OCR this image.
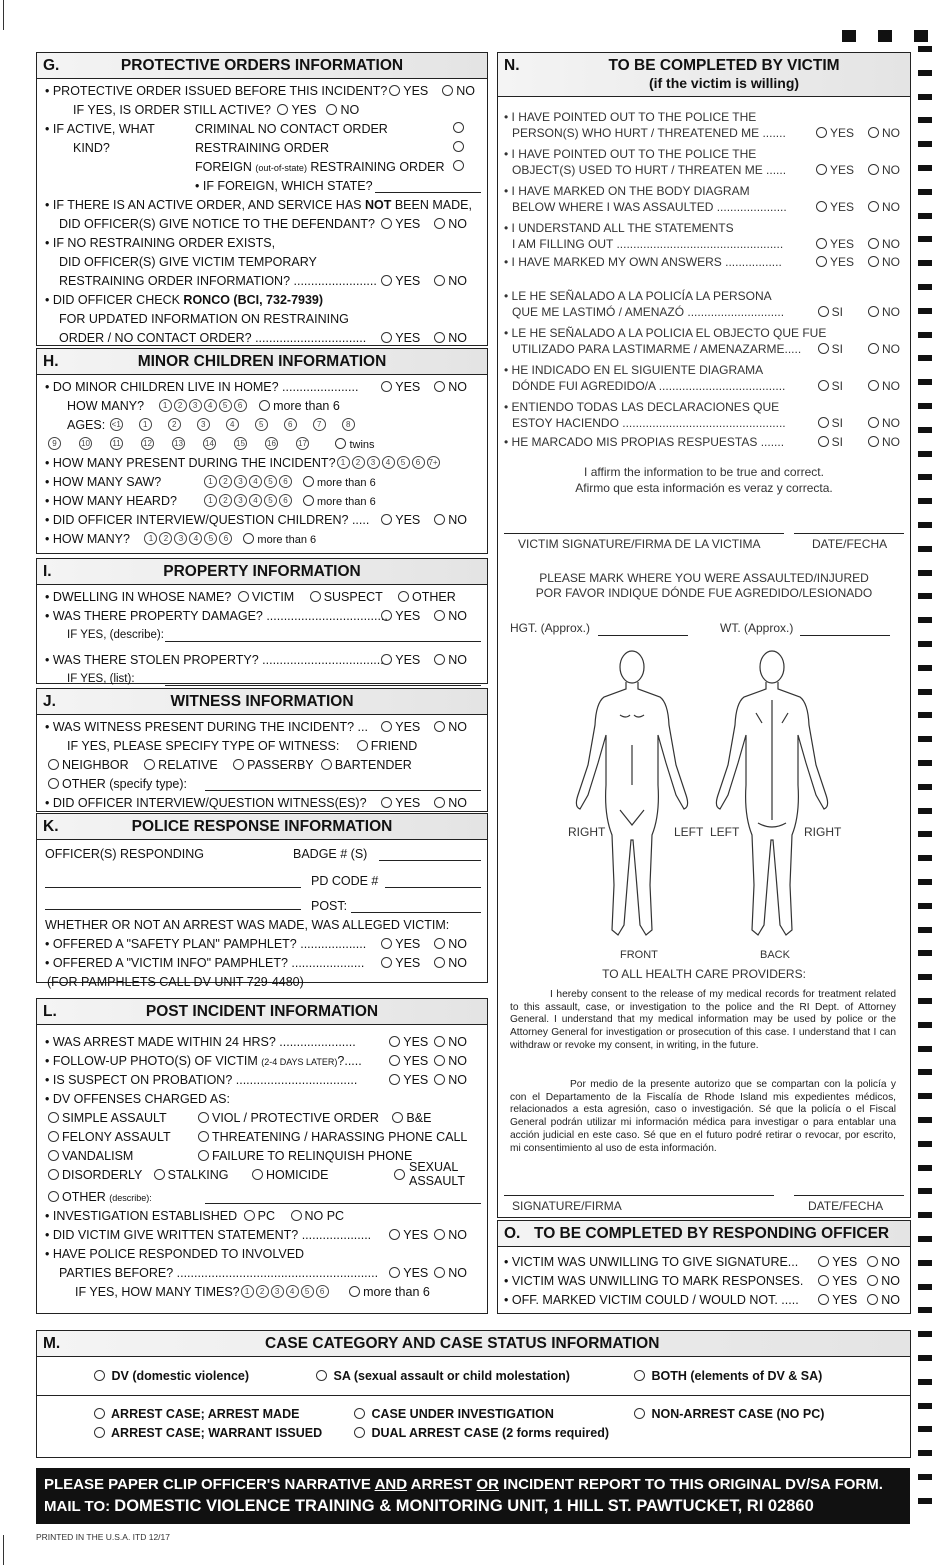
G.	PROTECTIVE ORDERS INFORMATION
• PROTECTIVE ORDER ISSUED BEFORE THIS INCIDENT?	YES NO
IF YES, IS ORDER STILL ACTIVE? YES NO
• IF ACTIVE, WHAT	CRIMINAL NO CONTACT ORDER
KIND?	RESTRAINING ORDER
FOREIGN (out-of-state) RESTRAINING ORDER
• IF FOREIGN, WHICH STATE?
• IF THERE IS AN ACTIVE ORDER, AND SERVICE HAS NOT BEEN MADE,
DID OFFICER(S) GIVE NOTICE TO THE DEFENDANT?	YES NO
• IF NO RESTRAINING ORDER EXISTS,
DID OFFICER(S) GIVE VICTIM TEMPORARY
RESTRAINING ORDER INFORMATION? ........................	YES NO
• DID OFFICER CHECK RONCO (BCI, 732-7939)
FOR UPDATED INFORMATION ON RESTRAINING
ORDER / NO CONTACT ORDER? ................................	YES NO
H.	MINOR CHILDREN INFORMATION
• DO MINOR CHILDREN LIVE IN HOME? ......................	YES NO
HOW MANY? 1 2 3 4 5 6 more than 6
AGES: <1	1	2	3	4	5	6	7	8
9	10	11	12	13	14	15	16	17	twins
• HOW MANY PRESENT DURING THE INCIDENT? 1 2 3 4 5 6 7+
• HOW MANY SAW?	1 2 3 4 5 6	more than 6
• HOW MANY HEARD?	1 2 3 4 5 6	more than 6
• DID OFFICER INTERVIEW/QUESTION CHILDREN? .....	YES NO
• HOW MANY? 1 2 3 4 5 6	more than 6
I.	PROPERTY INFORMATION
• DWELLING IN WHOSE NAME? VICTIM SUSPECT OTHER
• WAS THERE PROPERTY DAMAGE? ................................... YES NO
IF YES, (describe):
• WAS THERE STOLEN PROPERTY? ................................... YES NO
IF YES, (list):
J.	WITNESS INFORMATION
• WAS WITNESS PRESENT DURING THE INCIDENT? ...	YES NO
IF YES, PLEASE SPECIFY TYPE OF WITNESS:	FRIEND
NEIGHBOR RELATIVE PASSERBY BARTENDER
OTHER (specify type):
• DID OFFICER INTERVIEW/QUESTION WITNESS(ES)?	YES NO
K.	POLICE RESPONSE INFORMATION
OFFICER(S) RESPONDING	BADGE # (S)
PD CODE #
POST:
WHETHER OR NOT AN ARREST WAS MADE, WAS ALLEGED VICTIM:
• OFFERED A "SAFETY PLAN" PAMPHLET? ...................	YES NO
• OFFERED A "VICTIM INFO" PAMPHLET? .....................	YES NO
(FOR PAMPHLETS CALL DV UNIT 729-4480)
L.	POST INCIDENT INFORMATION
• WAS ARREST MADE WITHIN 24 HRS? ......................	YES NO
• FOLLOW-UP PHOTO(S) OF VICTIM (2-4 DAYS LATER)?.....	YES NO
• IS SUSPECT ON PROBATION? ...................................	YES NO
• DV OFFENSES CHARGED AS:
SIMPLE ASSAULT	VIOL / PROTECTIVE ORDER B&E
FELONY ASSAULT	THREATENING / HARASSING PHONE CALL
VANDALISM	FAILURE TO RELINQUISH PHONE
DISORDERLY STALKING	HOMICIDE
SEXUAL
ASSAULT
OTHER (describe):
• INVESTIGATION ESTABLISHED PC NO PC
• DID VICTIM GIVE WRITTEN STATEMENT? ....................	YES NO
• HAVE POLICE RESPONDED TO INVOLVED
PARTIES BEFORE? ..........................................................	YES NO
IF YES, HOW MANY TIMES? 1 2 3 4 5 6	more than 6
N.	TO BE COMPLETED BY VICTIM
(if the victim is willing)
• I HAVE POINTED OUT TO THE POLICE THE
PERSON(S) WHO HURT / THREATENED ME .......	YES NO
• I HAVE POINTED OUT TO THE POLICE THE
OBJECT(S) USED TO HURT / THREATEN ME ......	YES NO
• I HAVE MARKED ON THE BODY DIAGRAM
BELOW WHERE I WAS ASSAULTED .....................	YES NO
• I UNDERSTAND ALL THE STATEMENTS
I AM FILLING OUT ..................................................	YES NO
• I HAVE MARKED MY OWN ANSWERS .................	YES NO
• LE HE SEÑALADO A LA POLICÍA LA PERSONA
QUE ME LASTIMÓ / AMENAZÓ .............................	SI	NO
• LE HE SEÑALADO A LA POLICIA EL OBJECTO QUE FUE
UTILIZADO PARA LASTIMARME / AMENAZARME.....	SI	NO
• HE INDICADO EN EL SIGUIENTE DIAGRAMA
DÓNDE FUI AGREDIDO/A ......................................	SI	NO
• ENTIENDO TODAS LAS DECLARACIONES QUE
ESTOY HACIENDO .................................................	SI	NO
• HE MARCADO MIS PROPIAS RESPUESTAS .......	SI	NO
I affirm the information to be true and correct.
Afirmo que esta información es veraz y correcta.
VICTIM SIGNATURE/FIRMA DE LA VICTIMA	DATE/FECHA
PLEASE MARK WHERE YOU WERE ASSAULTED/INJURED
POR FAVOR INDIQUE DÓNDE FUE AGREDIDO/LESIONADO
HGT. (Approx.)	WT. (Approx.)
RIGHT	LEFT LEFT	RIGHT
FRONT	BACK
TO ALL HEALTH CARE PROVIDERS:
I hereby consent to the release of my medical records for treatment related to this assault, case, or investigation to the police and the RI Dept. of Attorney General. I understand that my medical information may be used by police or the Attorney General for investigation or prosecution of this case. I understand that I can withdraw or revoke my consent, in writing, in the future.
Por medio de la presente autorizo que se compartan con la policía y con el Departamento de la Fiscalía de Rhode Island mis expedientes médicos, relacionados a esta agresión, caso o investigación. Sé que la policía o el Fiscal General podrán utilizar mi información médica para investigar o para entablar una acción judicial en este caso. Sé que en el futuro podré retirar o revocar, por escrito, mi consentimiento al uso de esta información.
SIGNATURE/FIRMA	DATE/FECHA
O. TO BE COMPLETED BY RESPONDING OFFICER
• VICTIM WAS UNWILLING TO GIVE SIGNATURE...	YES NO
• VICTIM WAS UNWILLING TO MARK RESPONSES.	YES NO
• OFF. MARKED VICTIM COULD / WOULD NOT. .....	YES NO
M.	CASE CATEGORY AND CASE STATUS INFORMATION
DV (domestic violence)	SA (sexual assault or child molestation)	BOTH (elements of DV & SA)
ARREST CASE; ARREST MADE	CASE UNDER INVESTIGATION	NON-ARREST CASE (NO PC)
ARREST CASE; WARRANT ISSUED	DUAL ARREST CASE (2 forms required)
PLEASE PAPER CLIP OFFICER'S NARRATIVE AND ARREST OR INCIDENT REPORT TO THIS ORIGINAL DV/SA FORM.
MAIL TO: DOMESTIC VIOLENCE TRAINING & MONITORING UNIT, 1 HILL ST. PAWTUCKET, RI 02860
PRINTED IN THE U.S.A. ITD 12/17
